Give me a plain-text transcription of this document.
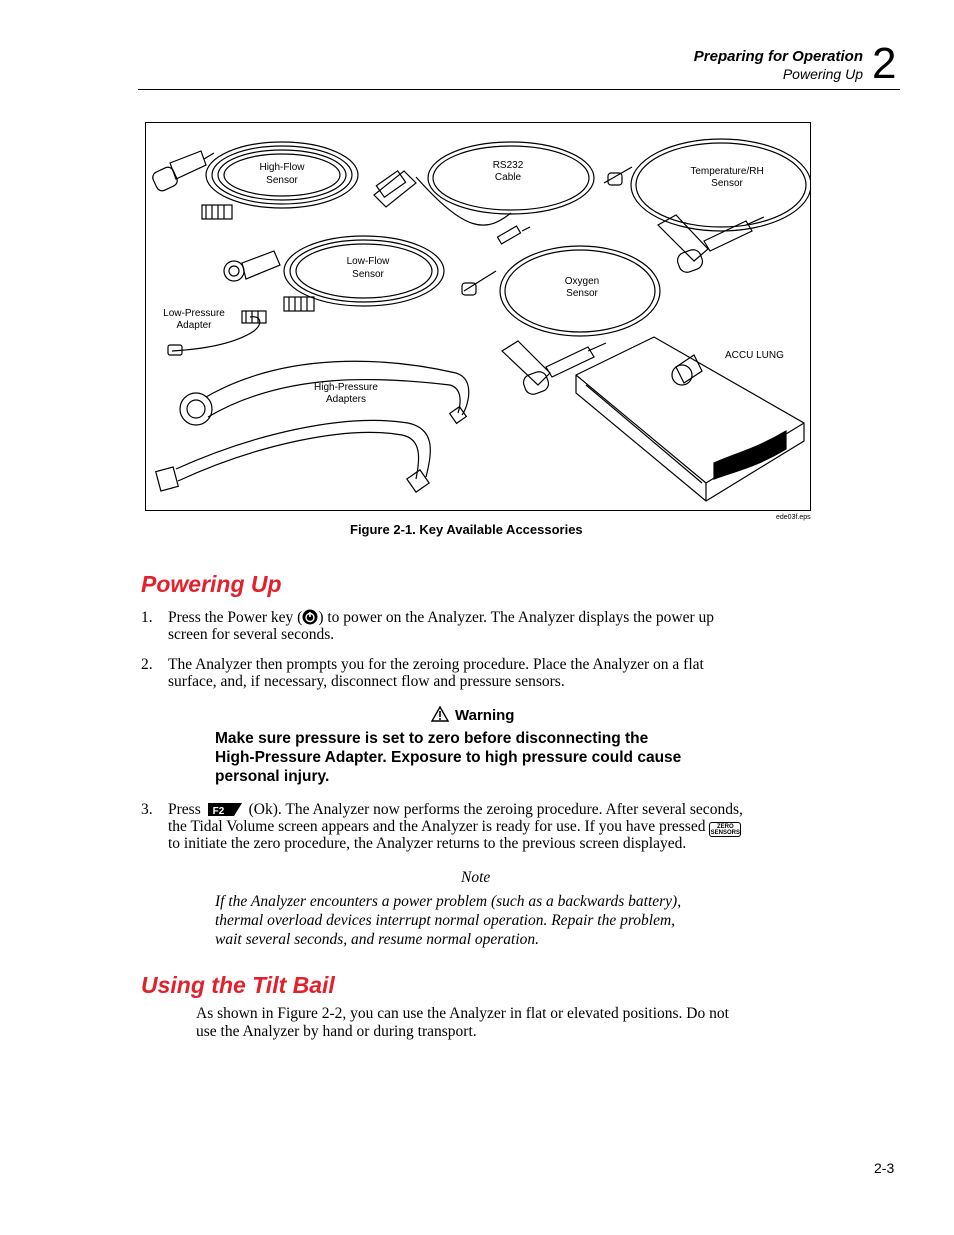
Preparing for Operation
Powering Up 2
High-Flow
Sensor
RS232
Cable
Temperature/RH
Sensor
Low-Flow
Sensor
Oxygen
Sensor
Low-Pressure
Adapter
ACCU LUNG
High-Pressure
Adapters
ede03f.eps
Figure 2-1. Key Available Accessories
Powering Up
1. Press the Power key ( ) to power on the Analyzer. The Analyzer displays the power up
screen for several seconds.
2. The Analyzer then prompts you for the zeroing procedure. Place the Analyzer on a flat
surface, and, if necessary, disconnect flow and pressure sensors.
Warning
Make sure pressure is set to zero before disconnecting the
High-Pressure Adapter. Exposure to high pressure could cause
personal injury.
3. Press F2 (Ok). The Analyzer now performs the zeroing procedure. After several seconds,
the Tidal Volume screen appears and the Analyzer is ready for use. If you have pressed	ZERO
SENSORS
to initiate the zero procedure, the Analyzer returns to the previous screen displayed.
Note
If the Analyzer encounters a power problem (such as a backwards battery),
thermal overload devices interrupt normal operation. Repair the problem,
wait several seconds, and resume normal operation.
Using the Tilt Bail
As shown in Figure 2-2, you can use the Analyzer in flat or elevated positions. Do not
use the Analyzer by hand or during transport.
2-3
